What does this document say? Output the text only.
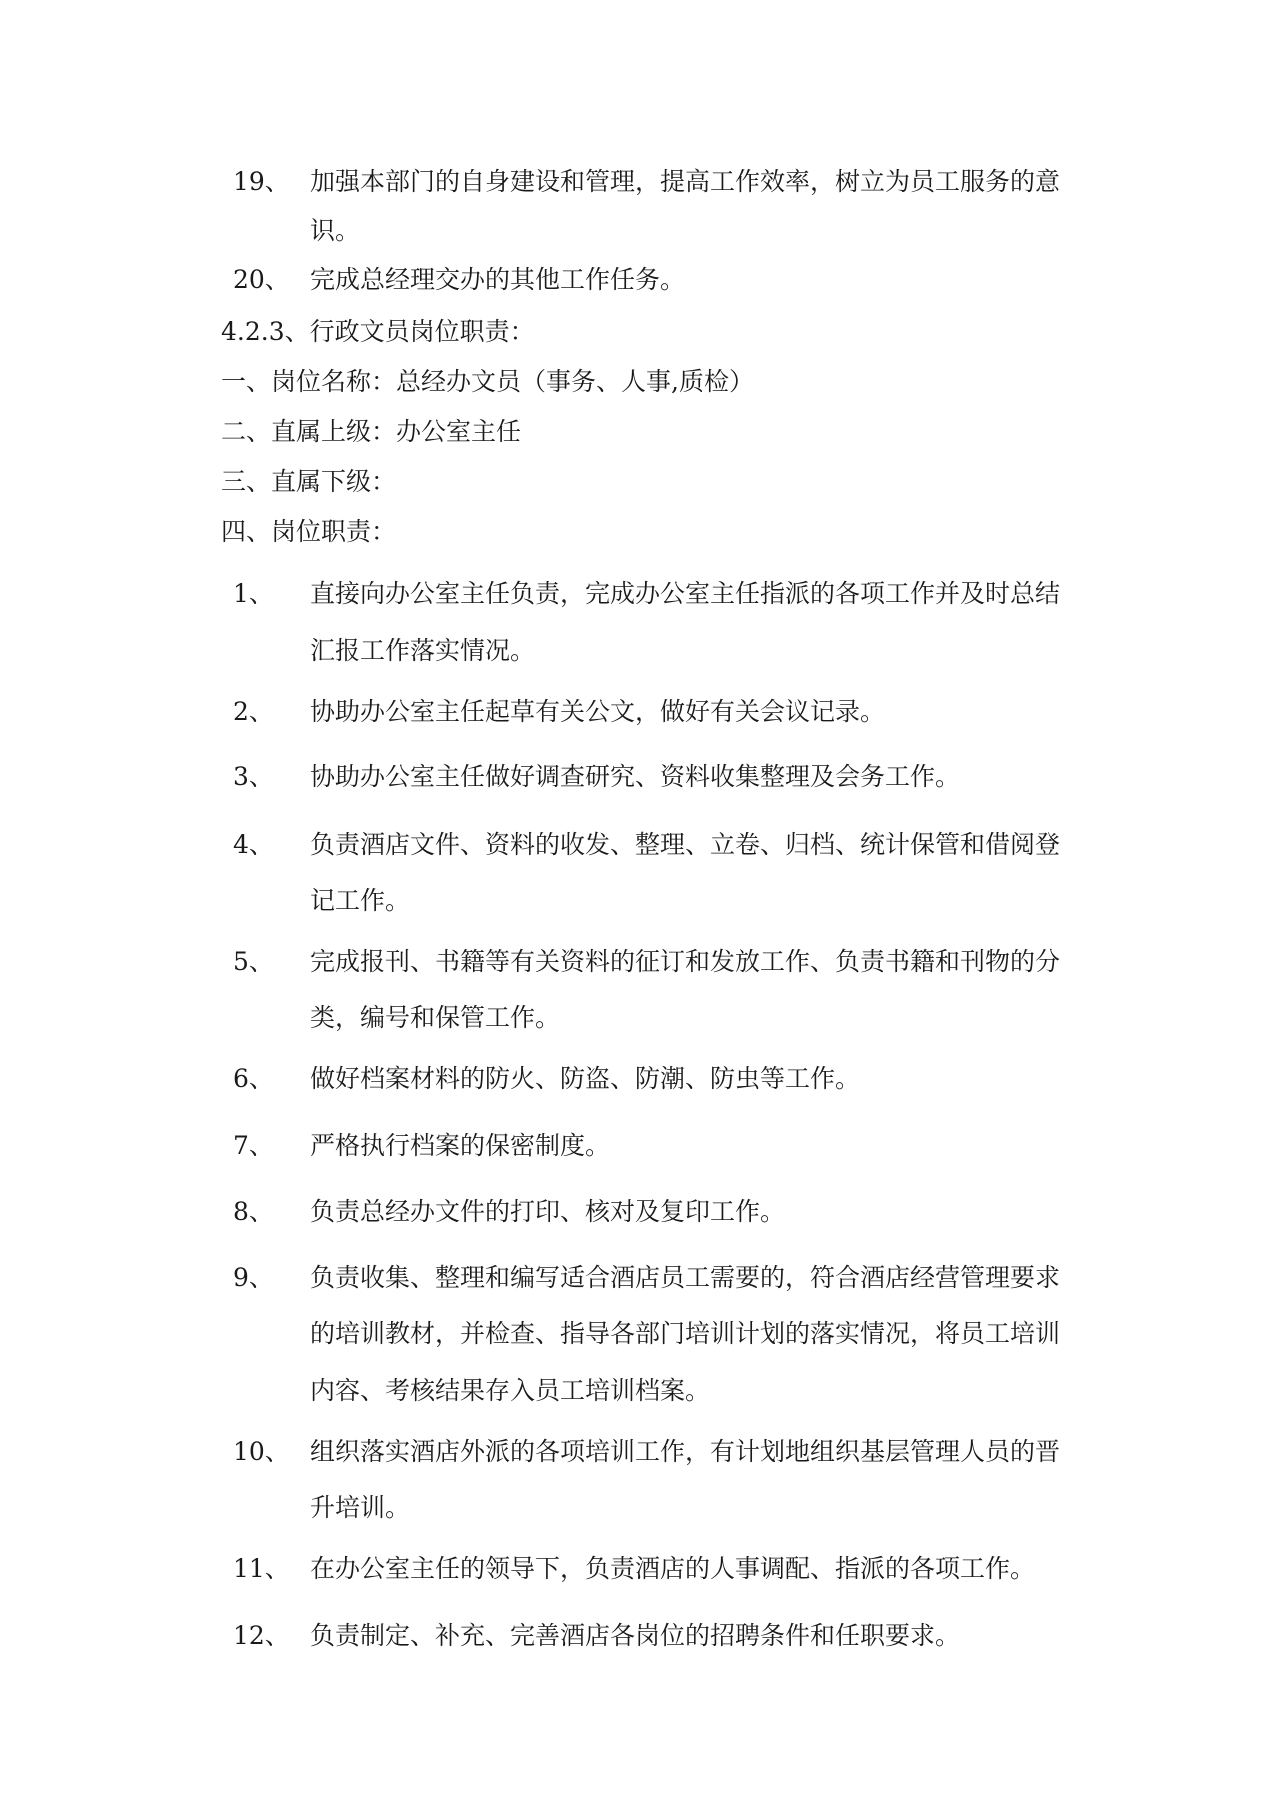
19、 加强本部门的自身建设和管理，提高工作效率，树立为员工服务的意
识。
20、 完成总经理交办的其他工作任务。
4.2.3、行政文员岗位职责：
一、岗位名称：总经办文员（事务、人事,质检）
二、直属上级：办公室主任
三、直属下级：
四、岗位职责：
1、 直接向办公室主任负责，完成办公室主任指派的各项工作并及时总结
汇报工作落实情况。
2、 协助办公室主任起草有关公文，做好有关会议记录。
3、 协助办公室主任做好调查研究、资料收集整理及会务工作。
4、 负责酒店文件、资料的收发、整理、立卷、归档、统计保管和借阅登
记工作。
5、 完成报刊、书籍等有关资料的征订和发放工作、负责书籍和刊物的分
类，编号和保管工作。
6、 做好档案材料的防火、防盗、防潮、防虫等工作。
7、 严格执行档案的保密制度。
8、 负责总经办文件的打印、核对及复印工作。
9、 负责收集、整理和编写适合酒店员工需要的，符合酒店经营管理要求
的培训教材，并检查、指导各部门培训计划的落实情况，将员工培训
内容、考核结果存入员工培训档案。
10、 组织落实酒店外派的各项培训工作，有计划地组织基层管理人员的晋
升培训。
11、 在办公室主任的领导下，负责酒店的人事调配、指派的各项工作。
12、 负责制定、补充、完善酒店各岗位的招聘条件和任职要求。
